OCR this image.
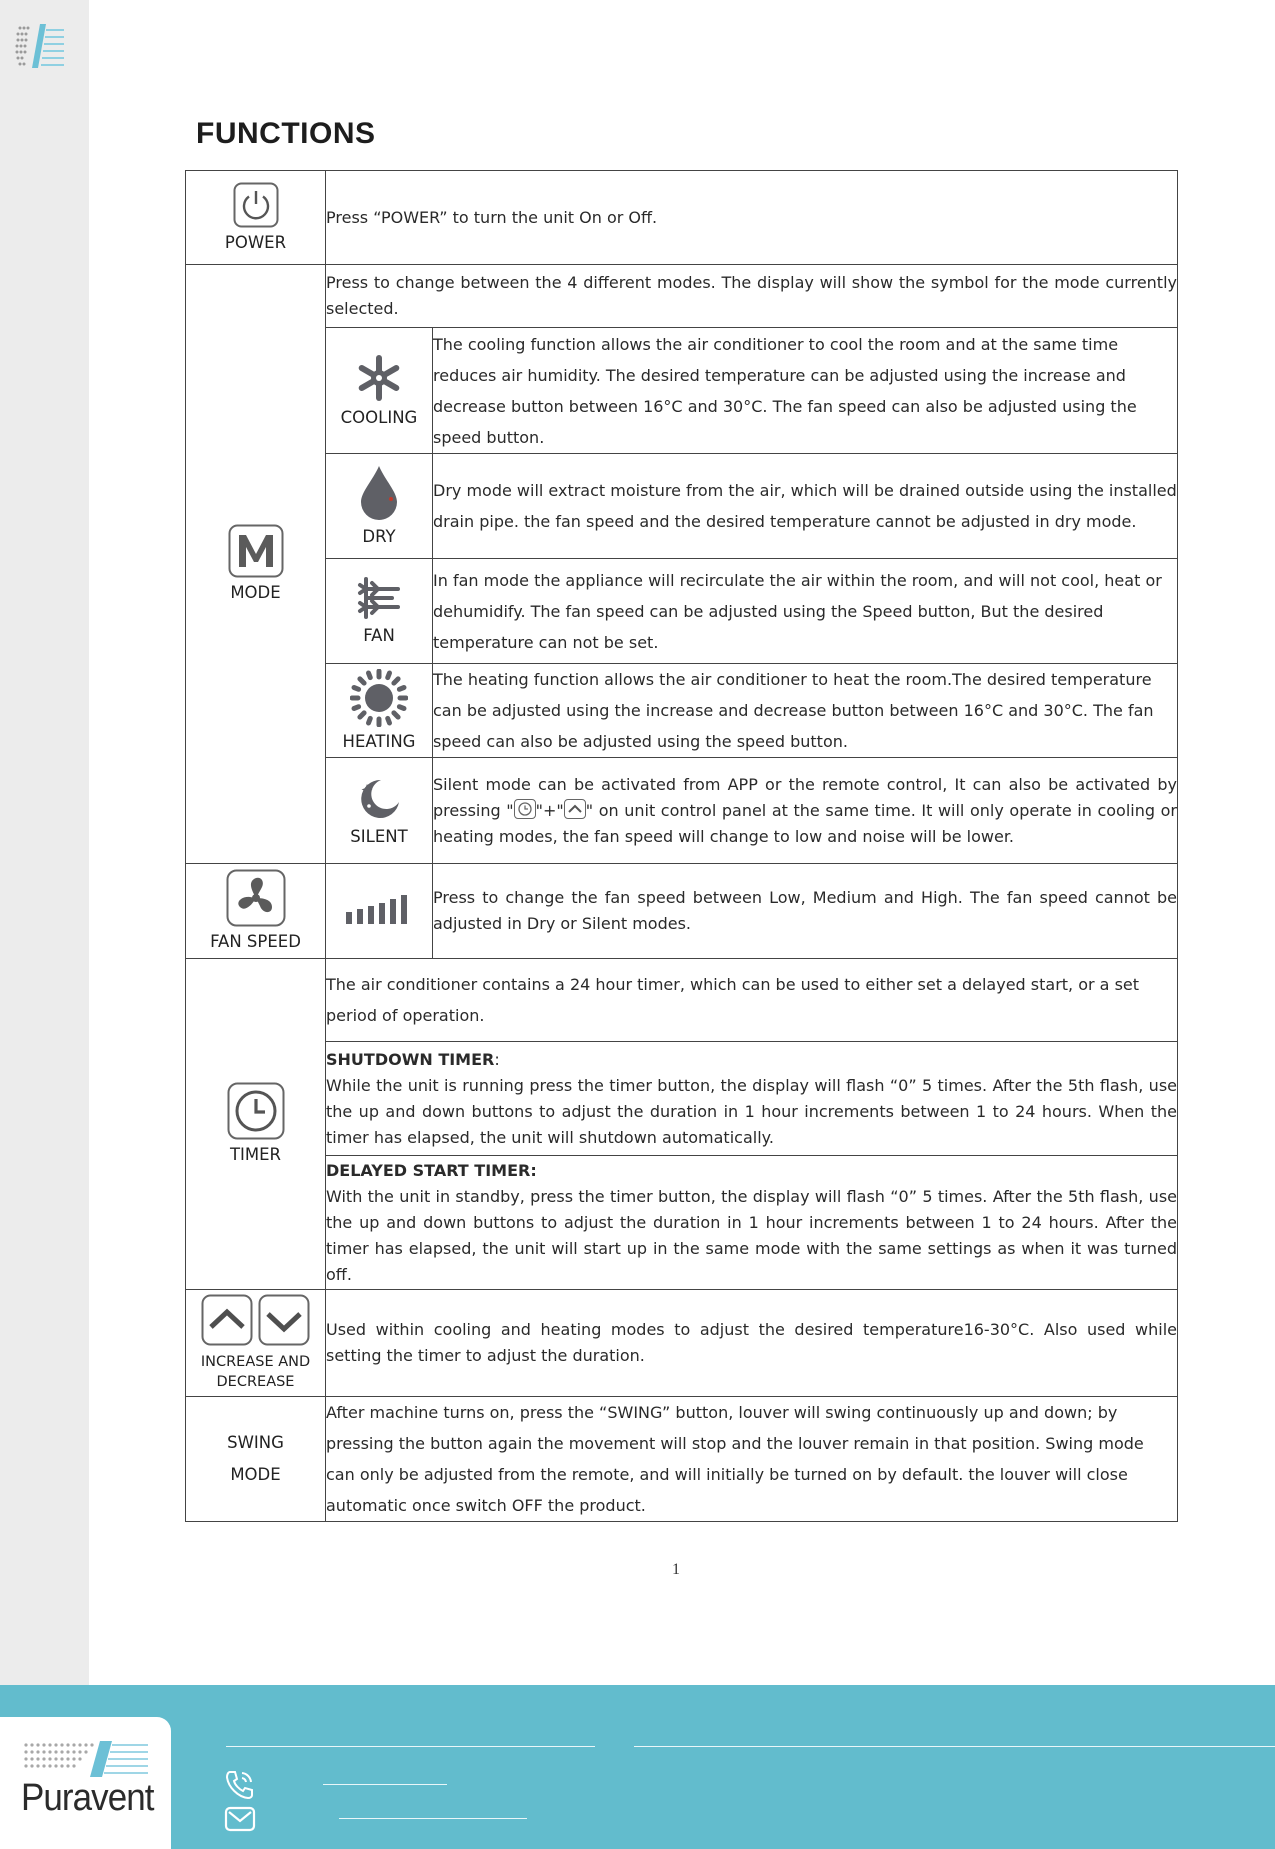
FUNCTIONS
POWER	Press “POWER” to turn the unit On or Off.	

MODE	Press to change between the 4 different modes. The display will show the symbol for the mode currently selected.	

COOLING	The cooling function allows the air conditioner to cool the room and at the same time reduces air humidity. The desired temperature can be adjusted using the increase and decrease button between 16°C and 30°C. The fan speed can also be adjusted using the speed button.

DRY	Dry mode will extract moisture from the air, which will be drained outside using the installed drain pipe. the fan speed and the desired temperature cannot be adjusted in dry mode.

FAN	In fan mode the appliance will recirculate the air within the room, and will not cool, heat or dehumidify. The fan speed can be adjusted using the Speed button, But the desired temperature can not be set.

HEATING	The heating function allows the air conditioner to heat the room.The desired temperature can be adjusted using the increase and decrease button between 16°C and 30°C. The fan speed can also be adjusted using the speed button.

SILENT	Silent mode can be activated from APP or the remote control, It can also be activated by pressing " "+" " on unit control panel at the same time. It will only operate in cooling or heating modes, the fan speed will change to low and noise will be lower.

FAN SPEED		Press to change the fan speed between Low, Medium and High. The fan speed cannot be adjusted in Dry or Silent modes.

TIMER	The air conditioner contains a 24 hour timer, which can be used to either set a delayed start, or a set period of operation.	
	SHUTDOWN TIMER:
While the unit is running press the timer button, the display will flash “0” 5 times. After the 5th flash, use the up and down buttons to adjust the duration in 1 hour increments between 1 to 24 hours. When the timer has elapsed, the unit will shutdown automatically.	
	DELAYED START TIMER:
With the unit in standby, press the timer button, the display will flash “0” 5 times. After the 5th flash, use the up and down buttons to adjust the duration in 1 hour increments between 1 to 24 hours. After the timer has elapsed, the unit will start up in the same mode with the same settings as when it was turned off.	

INCREASE AND
DECREASE	Used within cooling and heating modes to adjust the desired temperature16-30°C. Also used while setting the timer to adjust the duration.	
SWING
MODE	After machine turns on, press the “SWING” button, louver will swing continuously up and down; by pressing the button again the movement will stop and the louver remain in that position. Swing mode can only be adjusted from the remote, and will initially be turned on by default. the louver will close automatic once switch OFF the product.	
1
Puravent
